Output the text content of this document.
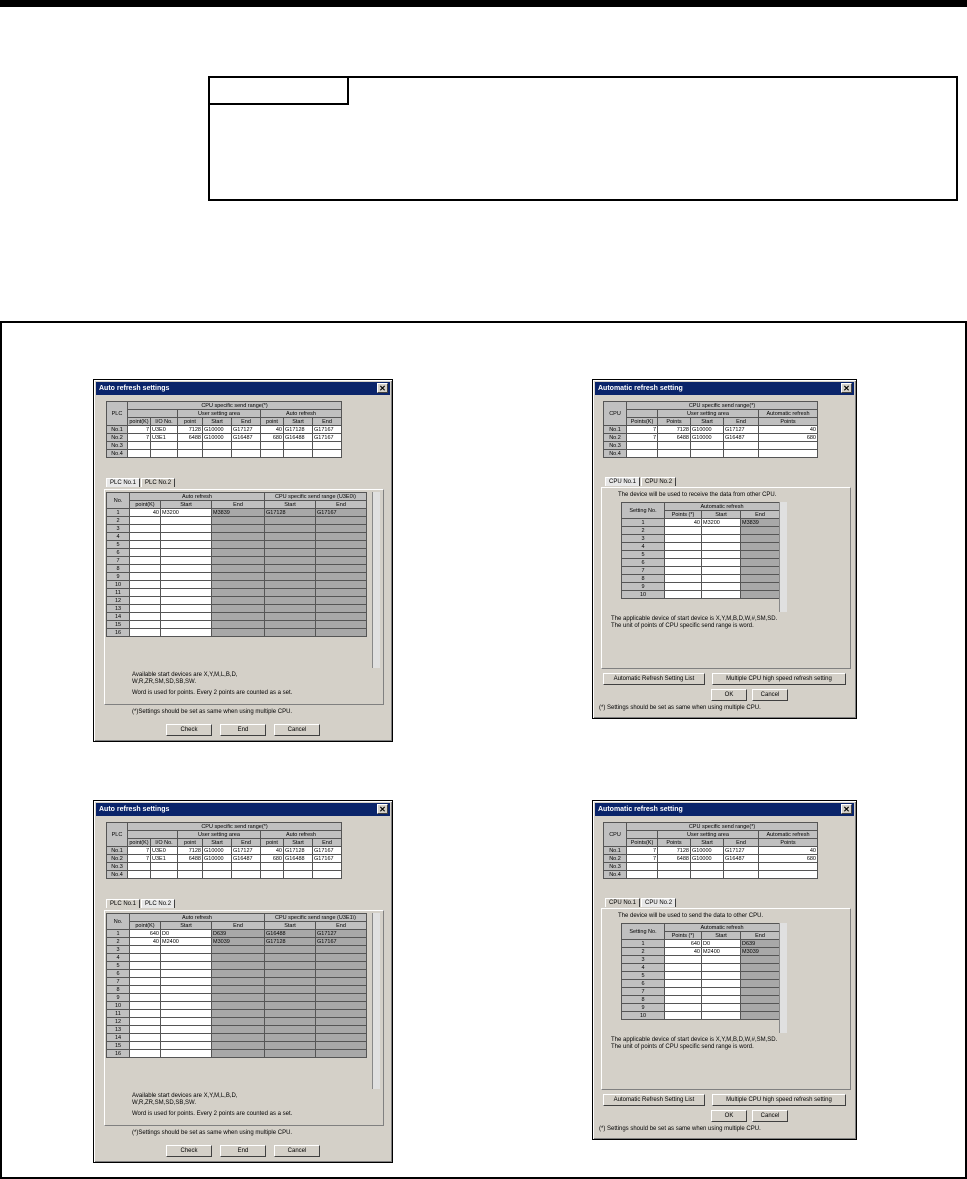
Auto refresh settings	✕
PLC	CPU specific send range(*)							
			User setting area			Auto refresh		
	point(K)	I/O No.	point	Start	End	point	Start	End
No.1	7	U3E0	7128	G10000	G17127	40	G17128	G17167
No.2	7	U3E1	6488	G10000	G16487	680	G16488	G17167
No.3								
No.4								
PLC No.1 PLC No.2
No.	Auto refresh			CPU specific send range (U3E0\)	
	point(K)	Start	End	Start	End
1	40	M3200	M3839	G17128	G17167
2					
3					
4					
5					
6					
7					
8					
9					
10					
11					
12					
13					
14					
15					
16					
Available start devices are X,Y,M,L,B,D,
W,R,ZR,SM,SD,SB,SW.
Word is used for points. Every 2 points are counted as a set.
(*)Settings should be set as same when using multiple CPU.
Check	End	Cancel
Auto refresh settings	✕
PLC	CPU specific send range(*)							
			User setting area			Auto refresh		
	point(K)	I/O No.	point	Start	End	point	Start	End
No.1	7	U3E0	7128	G10000	G17127	40	G17128	G17167
No.2	7	U3E1	6488	G10000	G16487	680	G16488	G17167
No.3								
No.4								
PLC No.1 PLC No.2
No.	Auto refresh			CPU specific send range (U3E1\)	
	point(K)	Start	End	Start	End
1	640	D0	D639	G16488	G17127
2	40	M2400	M3039	G17128	G17167
3					
4					
5					
6					
7					
8					
9					
10					
11					
12					
13					
14					
15					
16					
Available start devices are X,Y,M,L,B,D,
W,R,ZR,SM,SD,SB,SW.
Word is used for points. Every 2 points are counted as a set.
(*)Settings should be set as same when using multiple CPU.
Check	End	Cancel
Automatic refresh setting	✕
CPU	CPU specific send range(*)				
		User setting area			Automatic refresh
	Points(K)	Points	Start	End	Points
No.1	7	7128	G10000	G17127	40
No.2	7	6488	G10000	G16487	680
No.3					
No.4					
CPU No.1 CPU No.2
The device will be used to receive the data from other CPU.
Setting No.	Automatic refresh		
	Points (*)	Start	End
1	40	M3200	M3839
2			
3			
4			
5			
6			
7			
8			
9			
10			
The applicable device of start device is X,Y,M,B,D,W,#,SM,SD.
The unit of points of CPU specific send range is word.
Automatic Refresh Setting List	Multiple CPU high speed refresh setting
OK	Cancel
(*) Settings should be set as same when using multiple CPU.
Automatic refresh setting	✕
CPU	CPU specific send range(*)				
		User setting area			Automatic refresh
	Points(K)	Points	Start	End	Points
No.1	7	7128	G10000	G17127	40
No.2	7	6488	G10000	G16487	680
No.3					
No.4					
CPU No.1 CPU No.2
The device will be used to send the data to other CPU.
Setting No.	Automatic refresh		
	Points (*)	Start	End
1	640	D0	D639
2	40	M2400	M3039
3			
4			
5			
6			
7			
8			
9			
10			
The applicable device of start device is X,Y,M,B,D,W,#,SM,SD.
The unit of points of CPU specific send range is word.
Automatic Refresh Setting List	Multiple CPU high speed refresh setting
OK	Cancel
(*) Settings should be set as same when using multiple CPU.
